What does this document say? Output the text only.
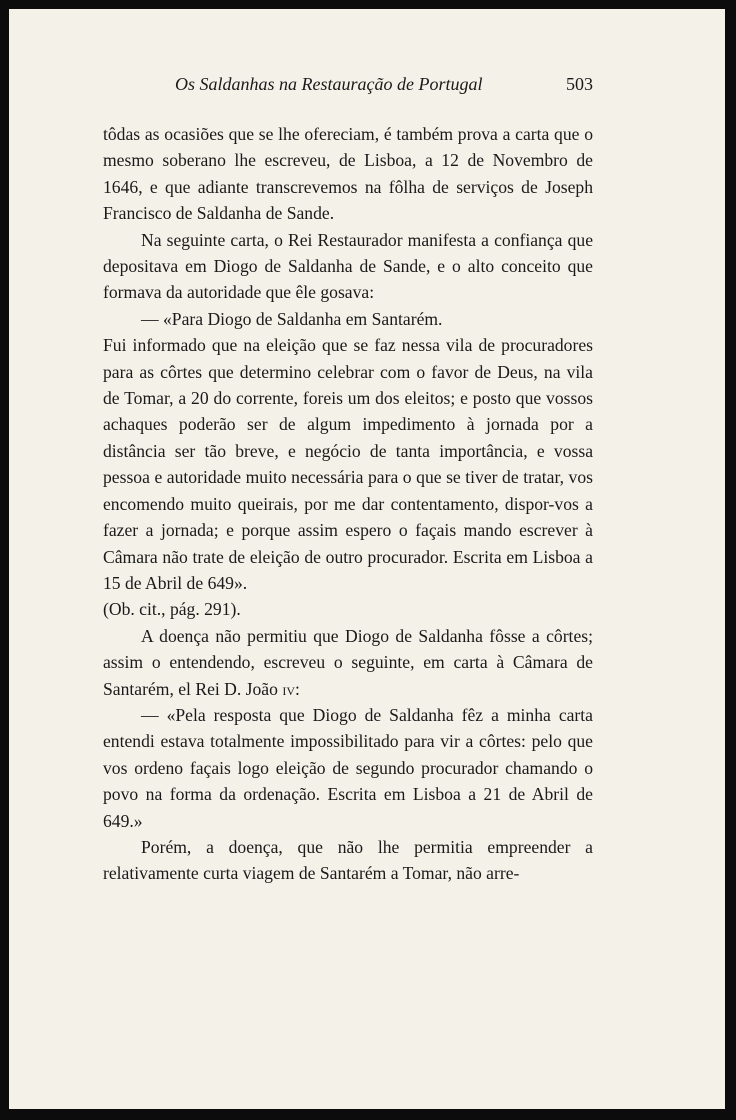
Os Saldanhas na Restauração de Portugal	503

tôdas as ocasiões que se lhe ofereciam, é também prova a carta que o mesmo soberano lhe escreveu, de Lisboa, a 12 de Novembro de 1646, e que adiante transcrevemos na fôlha de serviços de Joseph Francisco de Saldanha de Sande.

Na seguinte carta, o Rei Restaurador manifesta a confiança que depositava em Diogo de Saldanha de Sande, e o alto conceito que formava da autoridade que êle gosava:

— «Para Diogo de Saldanha em Santarém.

Fui informado que na eleição que se faz nessa vila de procuradores para as côrtes que determino celebrar com o favor de Deus, na vila de Tomar, a 20 do corrente, foreis um dos eleitos; e posto que vossos achaques poderão ser de algum impedimento à jornada por a distância ser tão breve, e negócio de tanta importância, e vossa pessoa e autoridade muito necessária para o que se tiver de tratar, vos encomendo muito queirais, por me dar contentamento, dispor-vos a fazer a jornada; e porque assim espero o façais mando escrever à Câmara não trate de eleição de outro procurador. Escrita em Lisboa a 15 de Abril de 649».

(Ob. cit., pág. 291).

A doença não permitiu que Diogo de Saldanha fôsse a côrtes; assim o entendendo, escreveu o seguinte, em carta à Câmara de Santarém, el Rei D. João iv:

— «Pela resposta que Diogo de Saldanha fêz a minha carta entendi estava totalmente impossibilitado para vir a côrtes: pelo que vos ordeno façais logo eleição de segundo procurador chamando o povo na forma da ordenação. Escrita em Lisboa a 21 de Abril de 649.»

Porém, a doença, que não lhe permitia empreender a relativamente curta viagem de Santarém a Tomar, não arre-
